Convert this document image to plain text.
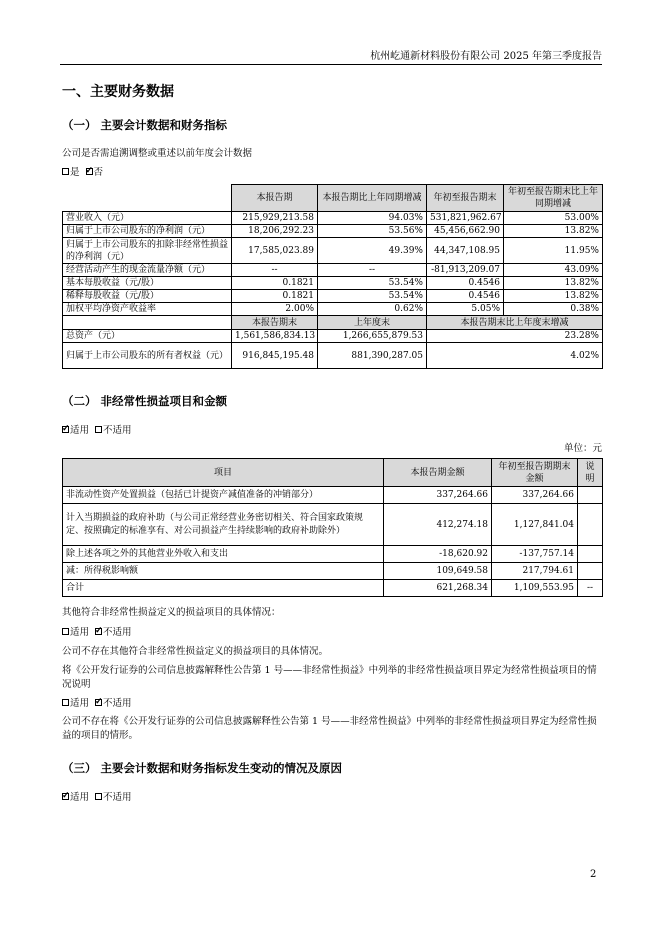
杭州屹通新材料股份有限公司 2025 年第三季度报告
一、主要财务数据
（一） 主要会计数据和财务指标
公司是否需追溯调整或重述以前年度会计数据
是 ✓ 否
	本报告期	本报告期比上年同期增减	年初至报告期末	年初至报告期末比上年同期增减
营业收入（元）	215,929,213.58	94.03%	531,821,962.67	53.00%
归属于上市公司股东的净利润（元）	18,206,292.23	53.56%	45,456,662.90	13.82%
归属于上市公司股东的扣除非经常性损益的净利润（元）	17,585,023.89	49.39%	44,347,108.95	11.95%
经营活动产生的现金流量净额（元）	--	--	-81,913,209.07	43.09%
基本每股收益（元/股）	0.1821	53.54%	0.4546	13.82%
稀释每股收益（元/股）	0.1821	53.54%	0.4546	13.82%
加权平均净资产收益率	2.00%	0.62%	5.05%	0.38%
	本报告期末	上年度末	本报告期末比上年度末增减	
总资产（元）	1,561,586,834.13	1,266,655,879.53	23.28%	
归属于上市公司股东的所有者权益（元）	916,845,195.48	881,390,287.05	4.02%	
（二） 非经常性损益项目和金额
✓适用 不适用
单位：元
项目	本报告期金额	年初至报告期期末金额	说明
非流动性资产处置损益（包括已计提资产减值准备的冲销部分）	337,264.66	337,264.66	
计入当期损益的政府补助（与公司正常经营业务密切相关、符合国家政策规定、按照确定的标准享有、对公司损益产生持续影响的政府补助除外）	412,274.18	1,127,841.04	
除上述各项之外的其他营业外收入和支出	-18,620.92	-137,757.14	
减：所得税影响额	109,649.58	217,794.61	
合计	621,268.34	1,109,553.95	--
其他符合非经常性损益定义的损益项目的具体情况：
适用 ✓ 不适用
公司不存在其他符合非经常性损益定义的损益项目的具体情况。
将《公开发行证券的公司信息披露解释性公告第 1 号——非经常性损益》中列举的非经常性损益项目界定为经常性损益项目的情况说明
适用 ✓ 不适用
公司不存在将《公开发行证券的公司信息披露解释性公告第 1 号——非经常性损益》中列举的非经常性损益项目界定为经常性损益的项目的情形。
（三） 主要会计数据和财务指标发生变动的情况及原因
✓适用 不适用
2
